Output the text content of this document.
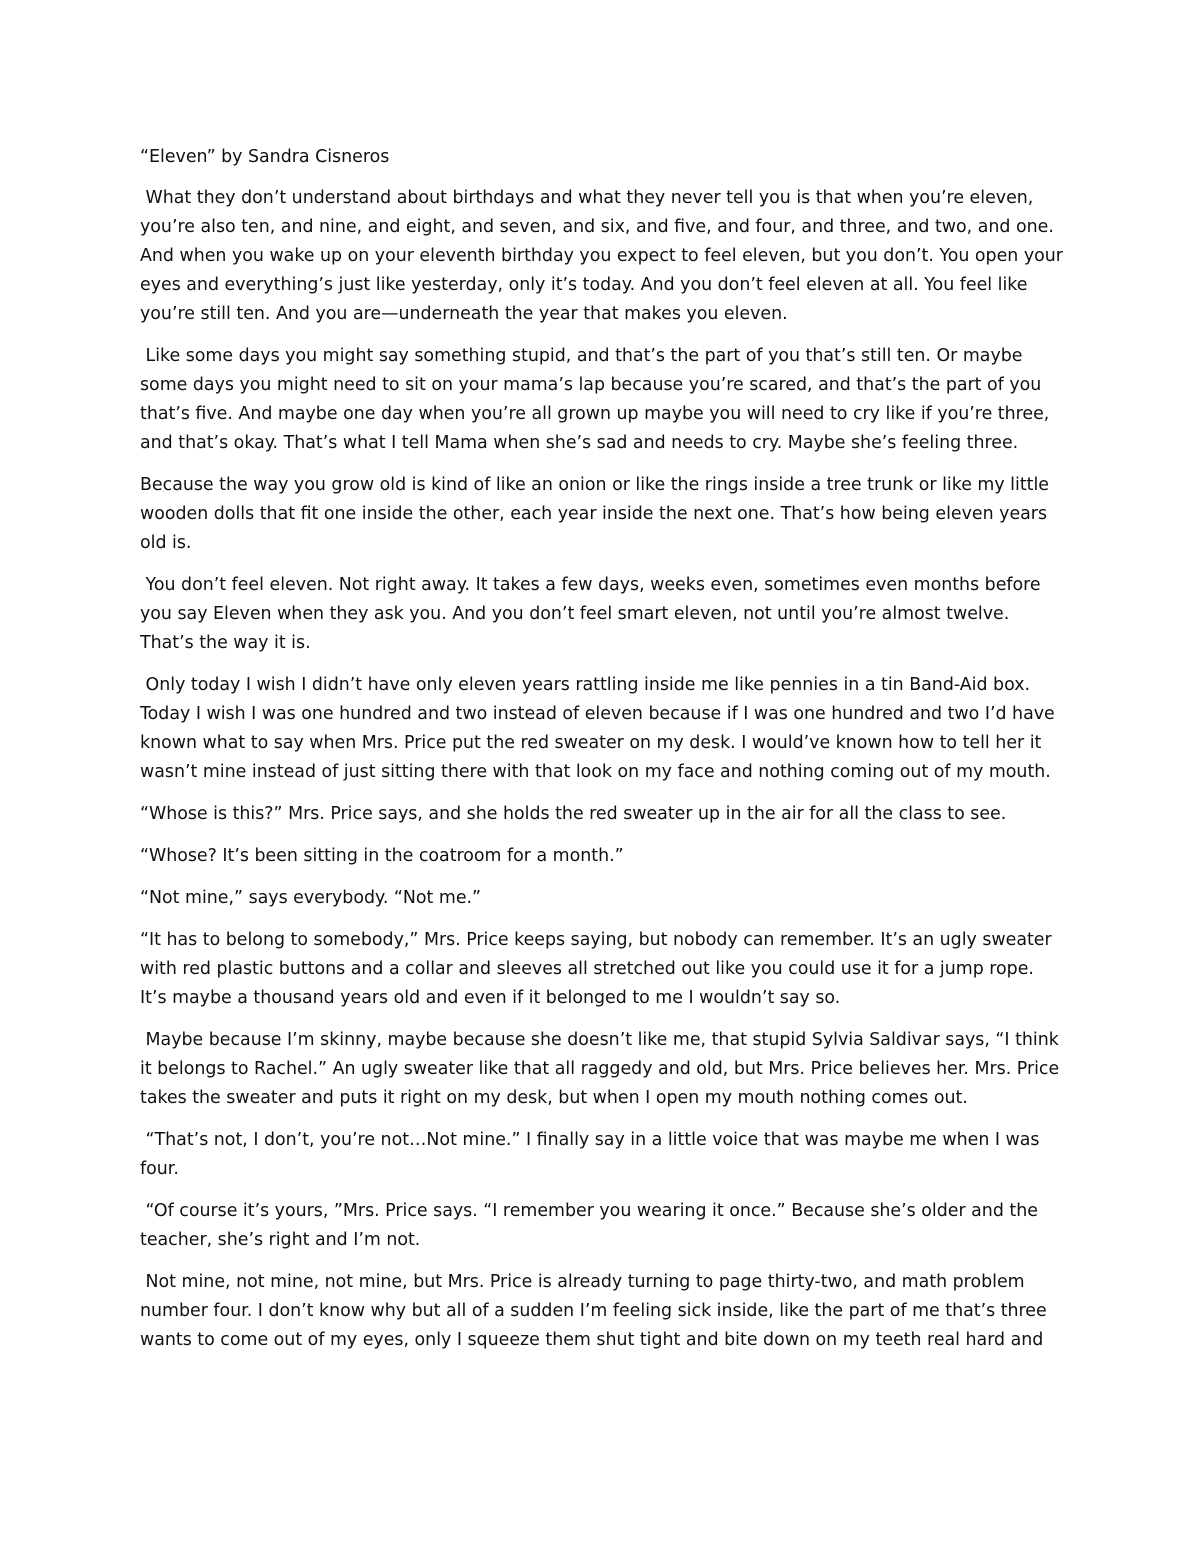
“Eleven” by Sandra Cisneros

What they don’t understand about birthdays and what they never tell you is that when you’re eleven, you’re also ten, and nine, and eight, and seven, and six, and five, and four, and three, and two, and one. And when you wake up on your eleventh birthday you expect to feel eleven, but you don’t. You open your eyes and everything’s just like yesterday, only it’s today. And you don’t feel eleven at all. You feel like you’re still ten. And you are—underneath the year that makes you eleven.

Like some days you might say something stupid, and that’s the part of you that’s still ten. Or maybe some days you might need to sit on your mama’s lap because you’re scared, and that’s the part of you that’s five. And maybe one day when you’re all grown up maybe you will need to cry like if you’re three, and that’s okay. That’s what I tell Mama when she’s sad and needs to cry. Maybe she’s feeling three.

Because the way you grow old is kind of like an onion or like the rings inside a tree trunk or like my little wooden dolls that fit one inside the other, each year inside the next one. That’s how being eleven years old is.

You don’t feel eleven. Not right away. It takes a few days, weeks even, sometimes even months before you say Eleven when they ask you. And you don’t feel smart eleven, not until you’re almost twelve. That’s the way it is.

Only today I wish I didn’t have only eleven years rattling inside me like pennies in a tin Band-Aid box. Today I wish I was one hundred and two instead of eleven because if I was one hundred and two I’d have known what to say when Mrs. Price put the red sweater on my desk. I would’ve known how to tell her it wasn’t mine instead of just sitting there with that look on my face and nothing coming out of my mouth.

“Whose is this?” Mrs. Price says, and she holds the red sweater up in the air for all the class to see.

“Whose? It’s been sitting in the coatroom for a month.”

“Not mine,” says everybody. “Not me.”

“It has to belong to somebody,” Mrs. Price keeps saying, but nobody can remember. It’s an ugly sweater with red plastic buttons and a collar and sleeves all stretched out like you could use it for a jump rope. It’s maybe a thousand years old and even if it belonged to me I wouldn’t say so.

Maybe because I’m skinny, maybe because she doesn’t like me, that stupid Sylvia Saldivar says, “I think it belongs to Rachel.” An ugly sweater like that all raggedy and old, but Mrs. Price believes her. Mrs. Price takes the sweater and puts it right on my desk, but when I open my mouth nothing comes out.

“That’s not, I don’t, you’re not…Not mine.” I finally say in a little voice that was maybe me when I was four.

“Of course it’s yours, ”Mrs. Price says. “I remember you wearing it once.” Because she’s older and the teacher, she’s right and I’m not.

Not mine, not mine, not mine, but Mrs. Price is already turning to page thirty-two, and math problem number four. I don’t know why but all of a sudden I’m feeling sick inside, like the part of me that’s three wants to come out of my eyes, only I squeeze them shut tight and bite down on my teeth real hard and
